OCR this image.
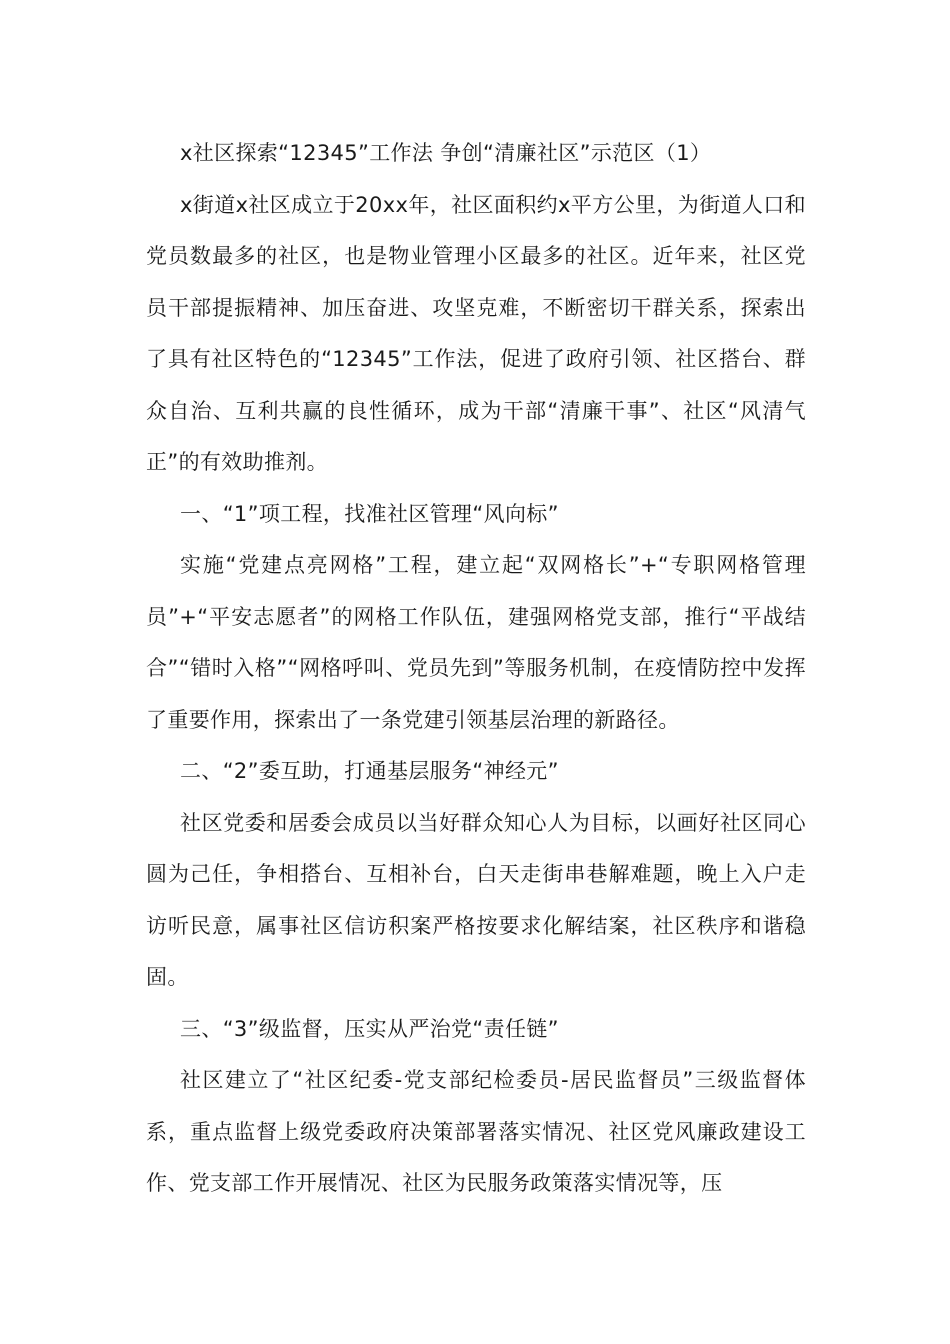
x社区探索“12345”工作法 争创“清廉社区”示范区（1）

x街道x社区成立于20xx年，社区面积约x平方公里，为街道人口和党员数最多的社区，也是物业管理小区最多的社区。近年来，社区党员干部提振精神、加压奋进、攻坚克难，不断密切干群关系，探索出了具有社区特色的“12345”工作法，促进了政府引领、社区搭台、群众自治、互利共赢的良性循环，成为干部“清廉干事”、社区“风清气正”的有效助推剂。

一、“1”项工程，找准社区管理“风向标”

实施“党建点亮网格”工程，建立起“双网格长”+“专职网格管理员”+“平安志愿者”的网格工作队伍，建强网格党支部，推行“平战结合”“错时入格”“网格呼叫、党员先到”等服务机制，在疫情防控中发挥了重要作用，探索出了一条党建引领基层治理的新路径。

二、“2”委互助，打通基层服务“神经元”

社区党委和居委会成员以当好群众知心人为目标，以画好社区同心圆为己任，争相搭台、互相补台，白天走街串巷解难题，晚上入户走访听民意，属事社区信访积案严格按要求化解结案，社区秩序和谐稳固。

三、“3”级监督，压实从严治党“责任链”

社区建立了“社区纪委-党支部纪检委员-居民监督员”三级监督体系，重点监督上级党委政府决策部署落实情况、社区党风廉政建设工作、党支部工作开展情况、社区为民服务政策落实情况等，压
